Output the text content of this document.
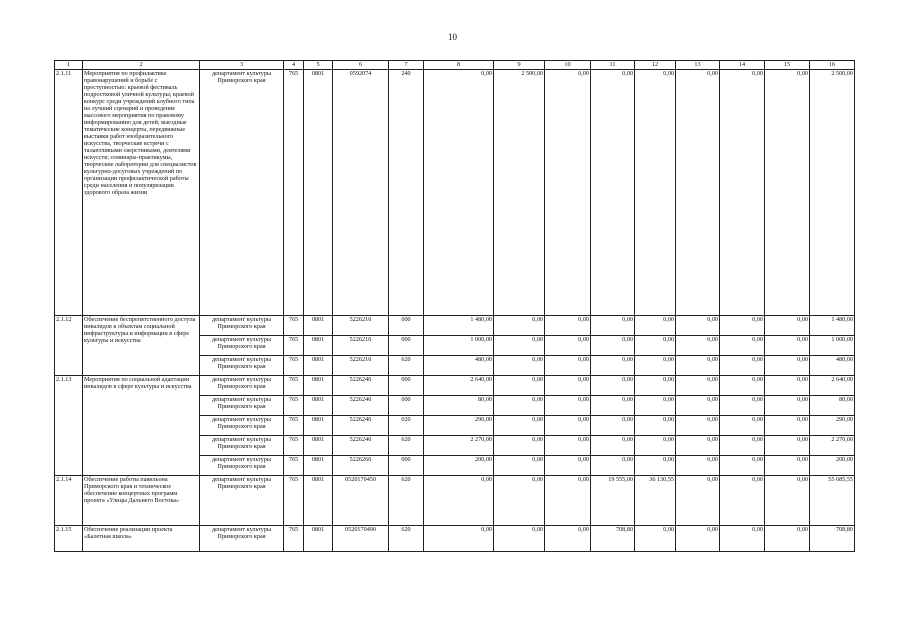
10
1	2	3	4	5	6	7	8	9	10	11	12	13	14	15	16
2.1.11	Мероприятия по профилактике правонарушений и борьбе с преступностью: краевой фестиваль подростковой уличной культуры; краевой конкурс среди учреждений клубного типа на лучший сценарий и проведение массового мероприятия по правовому информированию для детей; выездные тематические концерты, передвижные выставки работ изобразительного искусства, творческие встречи с талантливыми сверстниками, деятелями искусств; семинары-практикумы, творческие лаборатории для специалистов культурно-досуговых учреждений по организации профилактической работы среди населения и популяризации здорового образа жизни	департамент культуры Приморского края	765	0801	0592074	240	0,00	2 500,00	0,00	0,00	0,00	0,00	0,00	0,00	2 500,00
2.1.12	Обеспечение беспрепятственного доступа инвалидов к объектам социальной инфраструктуры и информации в сфере культуры и искусства	департамент культуры Приморского края	765	0801	5226210	000	1 480,00	0,00	0,00	0,00	0,00	0,00	0,00	0,00	1 480,00
		департамент культуры Приморского края	765	0801	5226210	000	1 000,00	0,00	0,00	0,00	0,00	0,00	0,00	0,00	1 000,00
		департамент культуры Приморского края	765	0801	5226210	620	480,00	0,00	0,00	0,00	0,00	0,00	0,00	0,00	480,00
2.1.13	Мероприятия по социальной адаптации инвалидов в сфере культуры и искусства	департамент культуры Приморского края	765	0801	5226240	000	2 640,00	0,00	0,00	0,00	0,00	0,00	0,00	0,00	2 640,00
		департамент культуры Приморского края	765	0801	5226240	000	80,00	0,00	0,00	0,00	0,00	0,00	0,00	0,00	80,00
		департамент культуры Приморского края	765	0801	5226240	020	290,00	0,00	0,00	0,00	0,00	0,00	0,00	0,00	290,00
		департамент культуры Приморского края	765	0801	5226240	620	2 270,00	0,00	0,00	0,00	0,00	0,00	0,00	0,00	2 270,00
		департамент культуры Приморского края	765	0801	5226260	000	200,00	0,00	0,00	0,00	0,00	0,00	0,00	0,00	200,00
2.1.14	Обеспечение работы павильона Приморского края и техническое обеспечение концертных программ проекта «Улицы Дальнего Востока»	департамент культуры Приморского края	765	0801	0520170450	620	0,00	0,00	0,00	19 555,00	36 130,55	0,00	0,00	0,00	55 685,55
2.1.15	Обеспечение реализации проекта «Балетная школа»	департамент культуры Приморского края	765	0801	0520170490	620	0,00	0,00	0,00	708,80	0,00	0,00	0,00	0,00	708,80
